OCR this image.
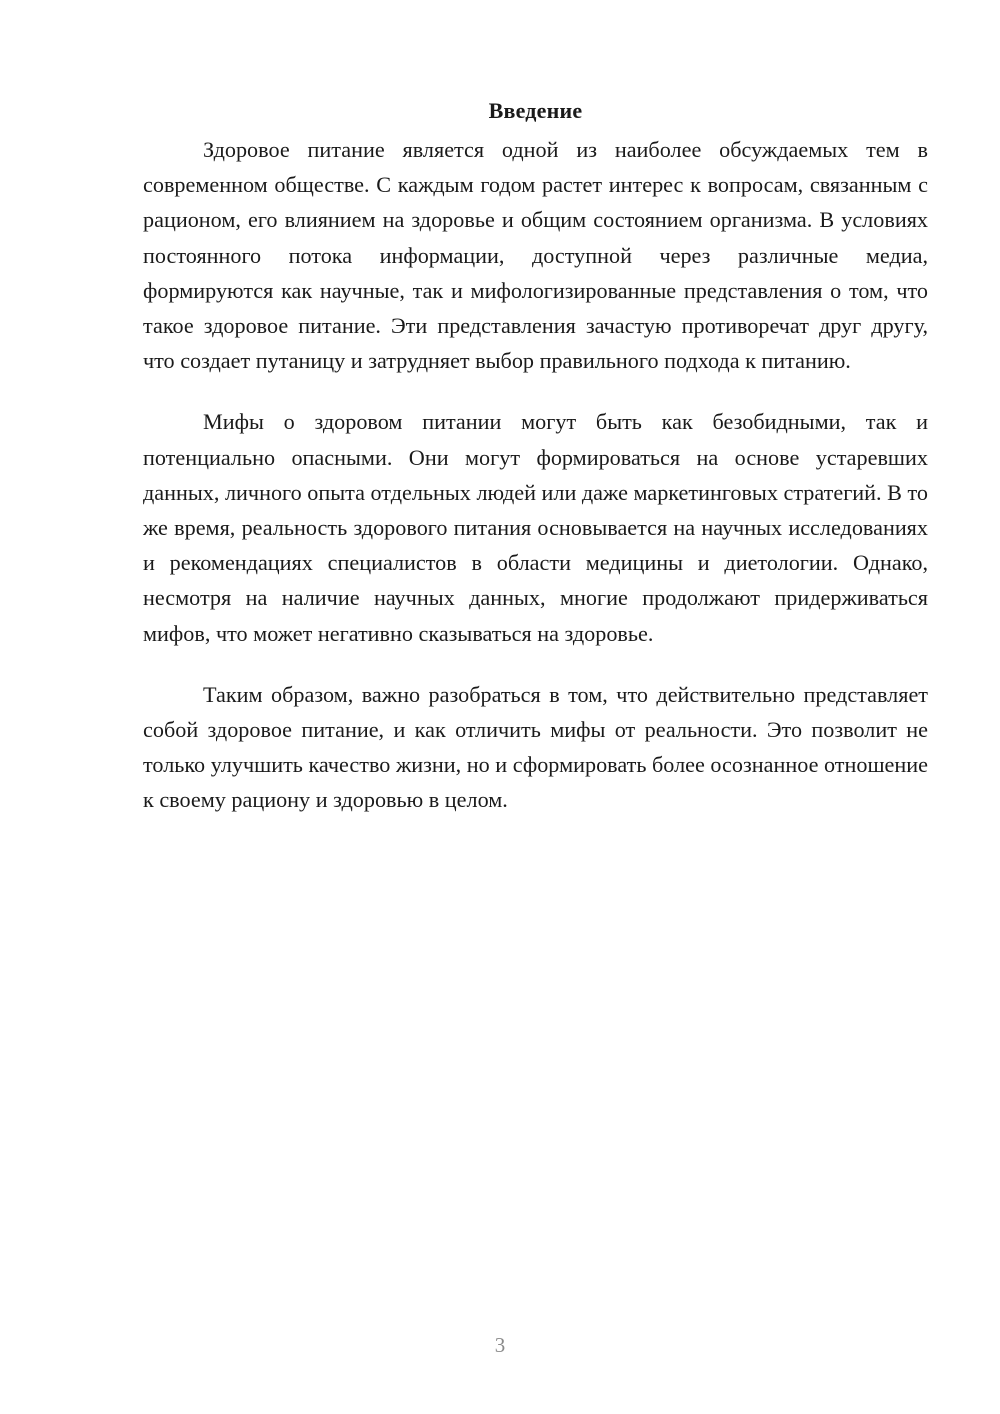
Введение

Здоровое питание является одной из наиболее обсуждаемых тем в современном обществе. С каждым годом растет интерес к вопросам, связанным с рационом, его влиянием на здоровье и общим состоянием организма. В условиях постоянного потока информации, доступной через различные медиа, формируются как научные, так и мифологизированные представления о том, что такое здоровое питание. Эти представления зачастую противоречат друг другу, что создает путаницу и затрудняет выбор правильного подхода к питанию.

Мифы о здоровом питании могут быть как безобидными, так и потенциально опасными. Они могут формироваться на основе устаревших данных, личного опыта отдельных людей или даже маркетинговых стратегий. В то же время, реальность здорового питания основывается на научных исследованиях и рекомендациях специалистов в области медицины и диетологии. Однако, несмотря на наличие научных данных, многие продолжают придерживаться мифов, что может негативно сказываться на здоровье.

Таким образом, важно разобраться в том, что действительно представляет собой здоровое питание, и как отличить мифы от реальности. Это позволит не только улучшить качество жизни, но и сформировать более осознанное отношение к своему рациону и здоровью в целом.

3
